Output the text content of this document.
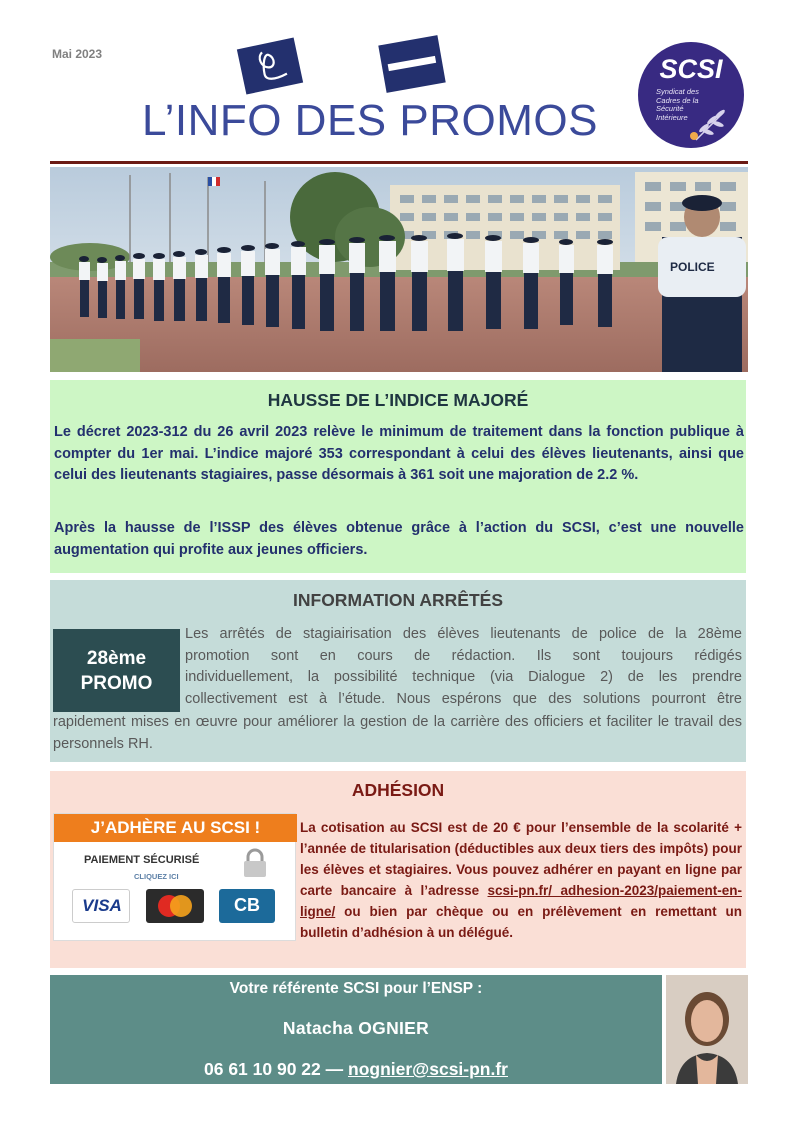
Mai 2023
L’INFO DES PROMOS
SCSI
Syndicat des
Cadres de la
Sécurité
Intérieure
POLICE
HAUSSE DE L’INDICE MAJORÉ
Le décret 2023-312 du 26 avril 2023 relève le minimum de traitement dans la fonction publique à compter du 1er mai. L’indice majoré 353 correspondant à celui des élèves lieutenants, ainsi que celui des lieutenants stagiaires, passe désormais à 361 soit une majoration de 2.2 %.
Après la hausse de l’ISSP des élèves obtenue grâce à l’action du SCSI, c’est une nouvelle augmentation qui profite aux jeunes officiers.
INFORMATION ARRÊTÉS
28ème
PROMO
Les arrêtés de stagiairisation des élèves lieutenants de police de la 28ème
promotion sont en cours de rédaction. Ils sont toujours rédigés
individuellement, la possibilité technique (via Dialogue 2) de les prendre
collectivement est à l’étude. Nous espérons que des solutions pourront être
rapidement mises en œuvre pour améliorer la gestion de la carrière des officiers et faciliter le travail des personnels RH.
ADHÉSION
J’ADHÈRE AU SCSI !
PAIEMENT SÉCURISÉ
CLIQUEZ ICI
VISA	CB
La cotisation au SCSI est de 20 € pour l’ensemble de la scolarité + l’année de titularisation (déductibles aux deux tiers des impôts) pour les élèves et stagiaires. Vous pouvez adhérer en payant en ligne par carte bancaire à l’adresse scsi-pn.fr/ adhesion-2023/paiement-en-ligne/ ou bien par chèque ou en prélèvement en remettant un bulletin d’adhésion à un délégué.
Votre référente SCSI pour l’ENSP :
Natacha OGNIER
06 61 10 90 22 — nognier@scsi-pn.fr
